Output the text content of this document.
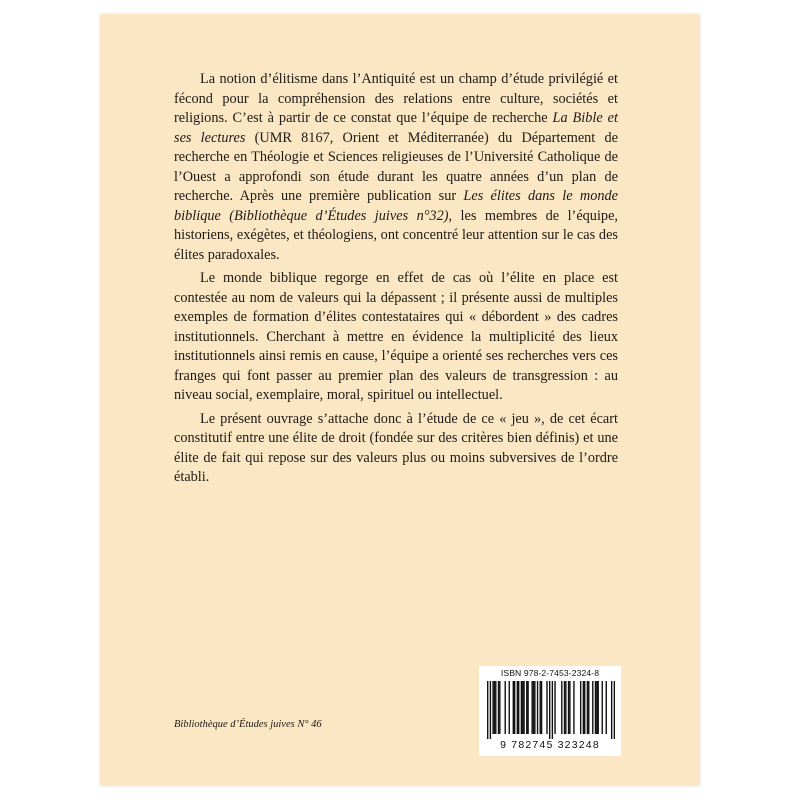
La notion d’élitisme dans l’Antiquité est un champ d’étude privilégié et fécond pour la compréhension des relations entre culture, sociétés et religions. C’est à partir de ce constat que l’équipe de recherche La Bible et ses lectures (UMR 8167, Orient et Méditerranée) du Département de recherche en Théologie et Sciences religieuses de l’Université Catholique de l’Ouest a approfondi son étude durant les quatre années d’un plan de recherche. Après une première publication sur Les élites dans le monde biblique (Bibliothèque d’Études juives n°32), les membres de l’équipe, historiens, exégètes, et théologiens, ont concentré leur attention sur le cas des élites paradoxales.

Le monde biblique regorge en effet de cas où l’élite en place est contestée au nom de valeurs qui la dépassent ; il présente aussi de multiples exemples de formation d’élites contestataires qui « débordent » des cadres institutionnels. Cherchant à mettre en évidence la multiplicité des lieux institutionnels ainsi remis en cause, l’équipe a orienté ses recherches vers ces franges qui font passer au premier plan des valeurs de transgression : au niveau social, exemplaire, moral, spirituel ou intellectuel.

Le présent ouvrage s’attache donc à l’étude de ce « jeu », de cet écart constitutif entre une élite de droit (fondée sur des critères bien définis) et une élite de fait qui repose sur des valeurs plus ou moins subversives de l’ordre établi.

Bibliothèque d’Études juives N° 46
ISBN 978-2-7453-2324-8
9 782745 323248
